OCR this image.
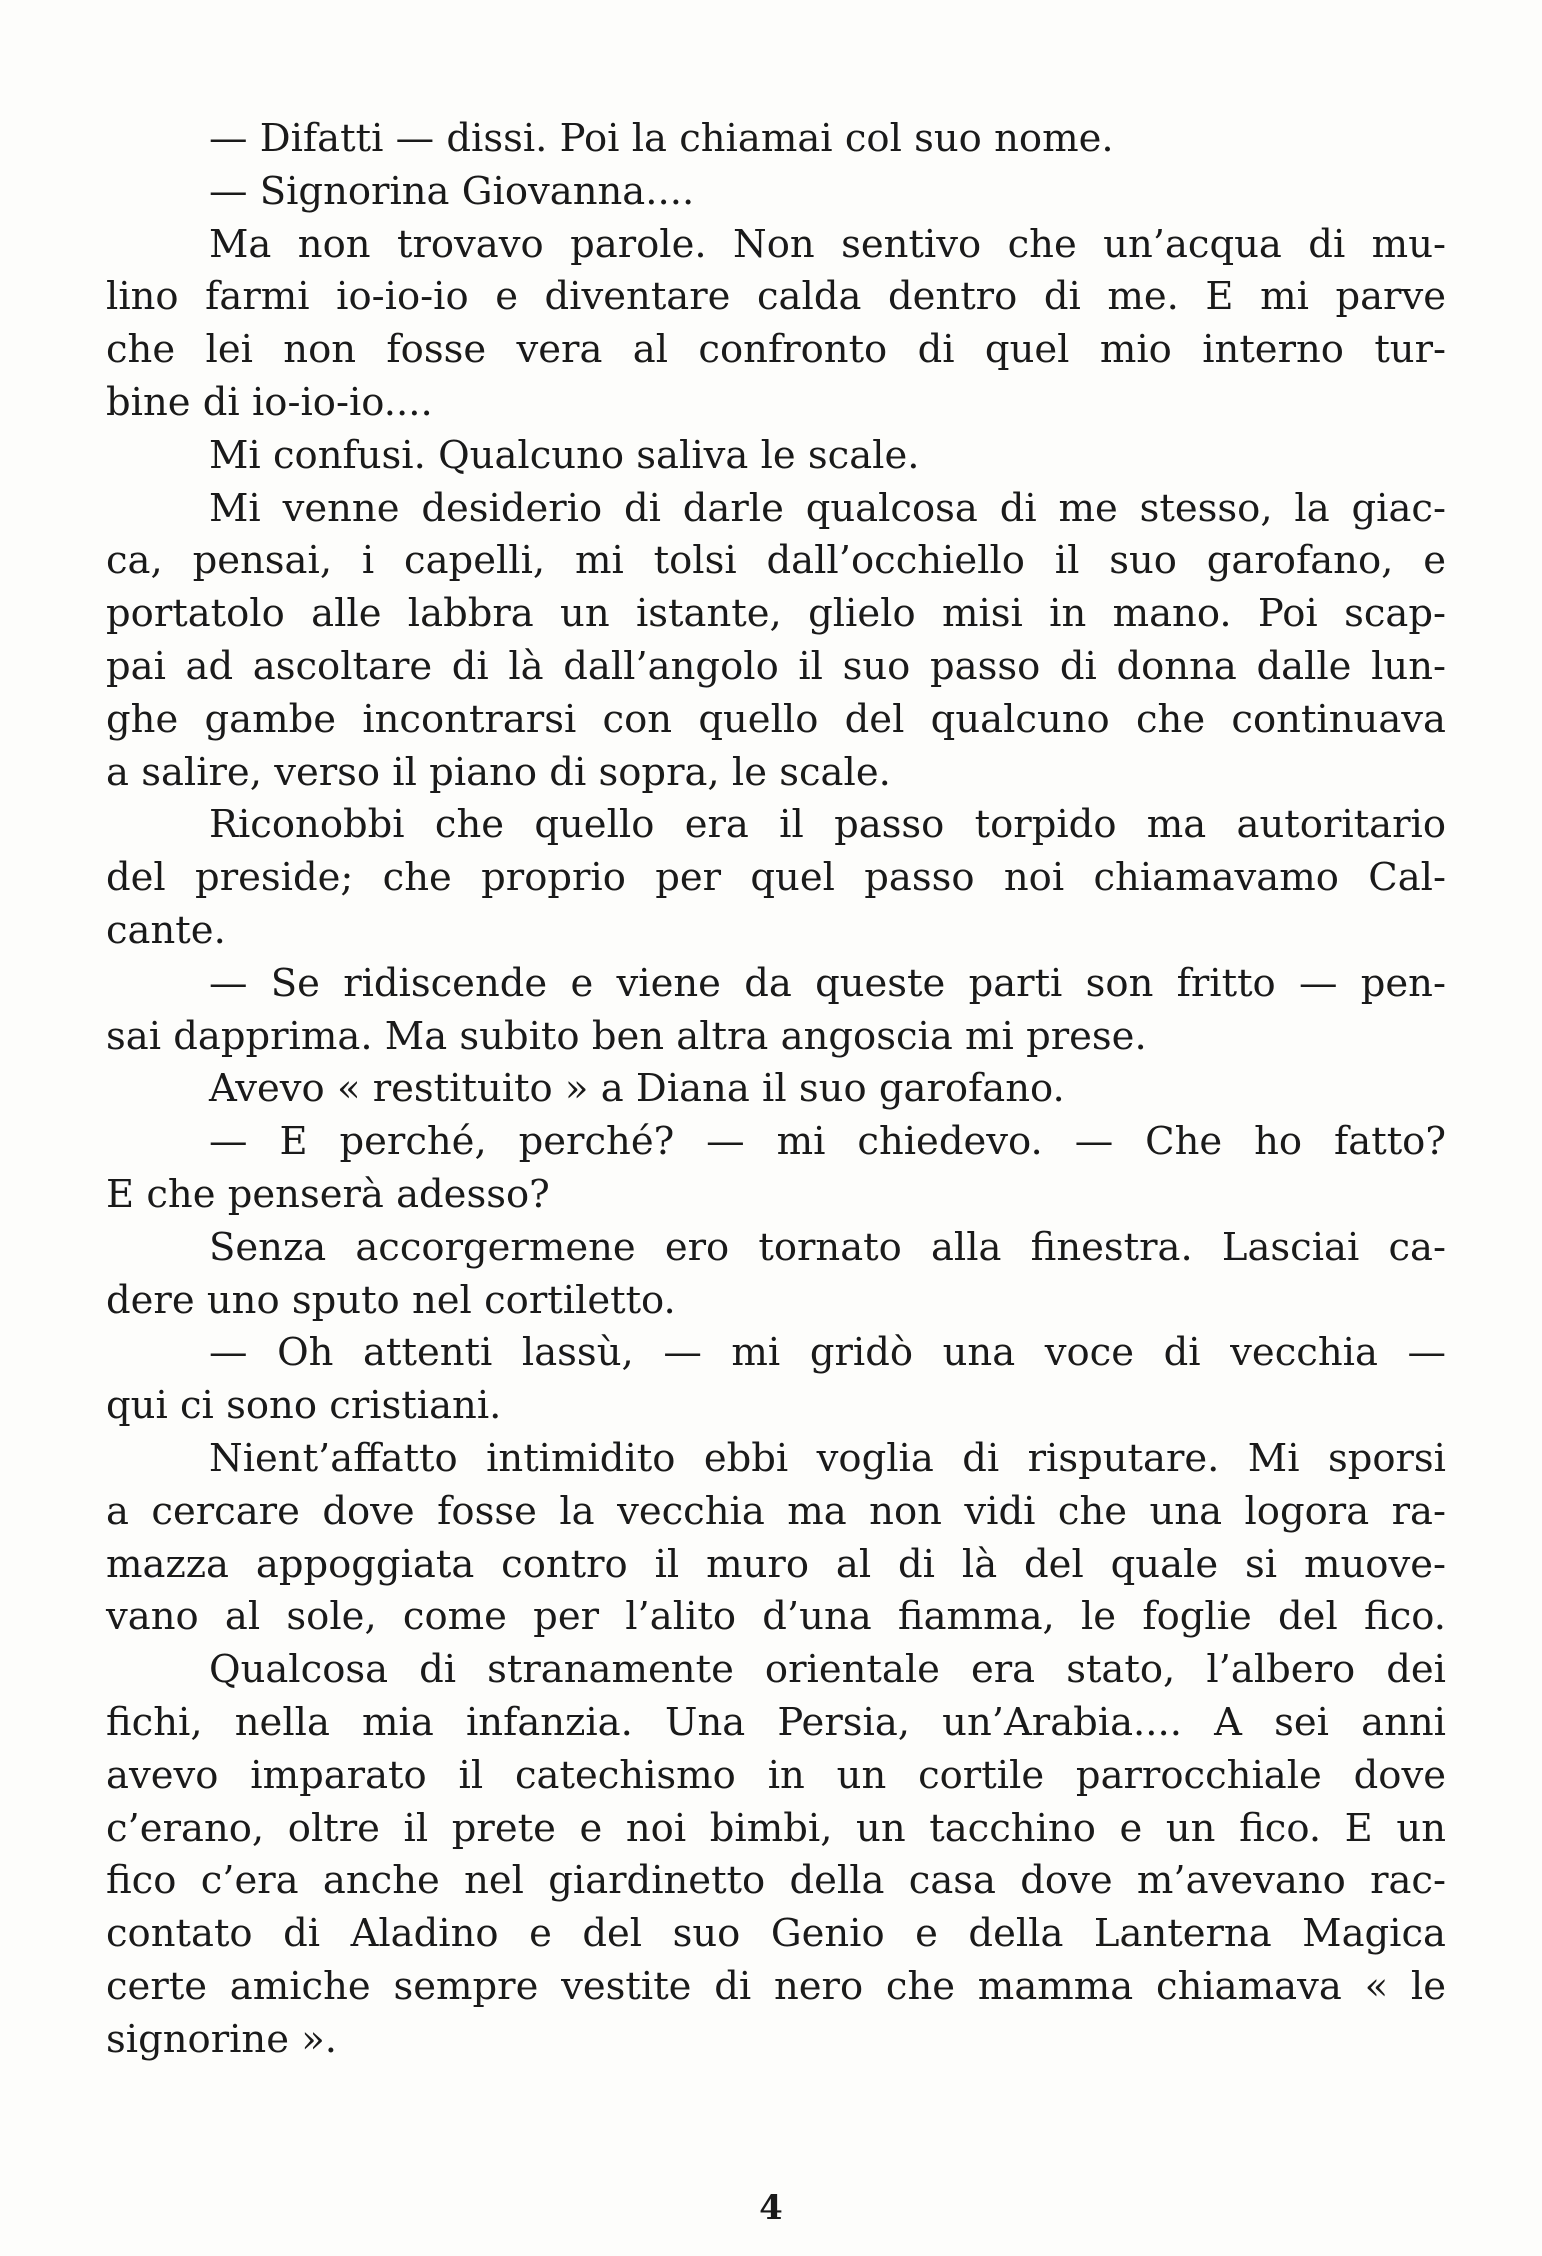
— Difatti — dissi. Poi la chiamai col suo nome.
— Signorina Giovanna....
Ma non trovavo parole. Non sentivo che un’acqua di mu-
lino farmi io-io-io e diventare calda dentro di me. E mi parve
che lei non fosse vera al confronto di quel mio interno tur-
bine di io-io-io....
Mi confusi. Qualcuno saliva le scale.
Mi venne desiderio di darle qualcosa di me stesso, la giac-
ca, pensai, i capelli, mi tolsi dall’occhiello il suo garofano, e
portatolo alle labbra un istante, glielo misi in mano. Poi scap-
pai ad ascoltare di là dall’angolo il suo passo di donna dalle lun-
ghe gambe incontrarsi con quello del qualcuno che continuava
a salire, verso il piano di sopra, le scale.
Riconobbi che quello era il passo torpido ma autoritario
del preside; che proprio per quel passo noi chiamavamo Cal-
cante.
— Se ridiscende e viene da queste parti son fritto — pen-
sai dapprima. Ma subito ben altra angoscia mi prese.
Avevo « restituito » a Diana il suo garofano.
— E perché, perché? — mi chiedevo. — Che ho fatto?
E che penserà adesso?
Senza accorgermene ero tornato alla finestra. Lasciai ca-
dere uno sputo nel cortiletto.
— Oh attenti lassù, — mi gridò una voce di vecchia —
qui ci sono cristiani.
Nient’affatto intimidito ebbi voglia di risputare. Mi sporsi
a cercare dove fosse la vecchia ma non vidi che una logora ra-
mazza appoggiata contro il muro al di là del quale si muove-
vano al sole, come per l’alito d’una fiamma, le foglie del fico.
Qualcosa di stranamente orientale era stato, l’albero dei
fichi, nella mia infanzia. Una Persia, un’Arabia.... A sei anni
avevo imparato il catechismo in un cortile parrocchiale dove
c’erano, oltre il prete e noi bimbi, un tacchino e un fico. E un
fico c’era anche nel giardinetto della casa dove m’avevano rac-
contato di Aladino e del suo Genio e della Lanterna Magica
certe amiche sempre vestite di nero che mamma chiamava « le
signorine ».
4
